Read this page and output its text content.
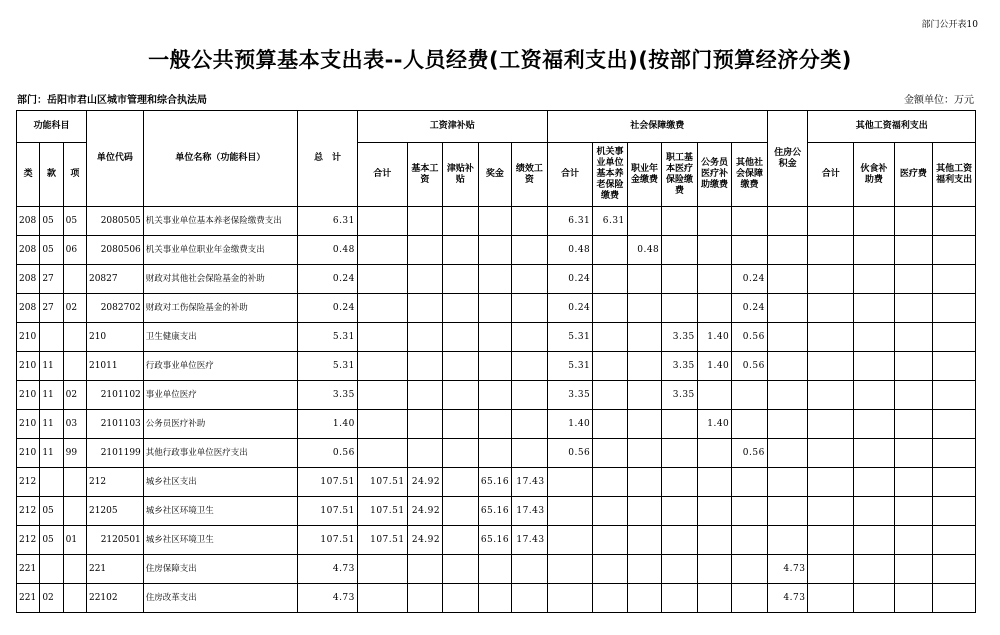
部门公开表10
一般公共预算基本支出表--人员经费(工资福利支出)(按部门预算经济分类)
部门：岳阳市君山区城市管理和综合执法局	金额单位：万元
功能科目			单位代码	单位名称（功能科目）	总　计	工资津补贴					社会保障缴费						住房公积金	其他工资福利支出			
类	款	项				合计	基本工资	津贴补贴	奖金	绩效工资	合计	机关事业单位基本养老保险缴费	职业年金缴费	职工基本医疗保险缴费	公务员医疗补助缴费	其他社会保障缴费		合计	伙食补助费	医疗费	其他工资福利支出
208	05	05	2080505	机关事业单位基本养老保险缴费支出	6.31						6.31	6.31									
208	05	06	2080506	机关事业单位职业年金缴费支出	0.48						0.48		0.48								
208	27		20827	财政对其他社会保险基金的补助	0.24						0.24					0.24					
208	27	02	2082702	财政对工伤保险基金的补助	0.24						0.24					0.24					
210			210	卫生健康支出	5.31						5.31			3.35	1.40	0.56					
210	11		21011	行政事业单位医疗	5.31						5.31			3.35	1.40	0.56					
210	11	02	2101102	事业单位医疗	3.35						3.35			3.35							
210	11	03	2101103	公务员医疗补助	1.40						1.40				1.40						
210	11	99	2101199	其他行政事业单位医疗支出	0.56						0.56					0.56					
212			212	城乡社区支出	107.51	107.51	24.92		65.16	17.43											
212	05		21205	城乡社区环境卫生	107.51	107.51	24.92		65.16	17.43											
212	05	01	2120501	城乡社区环境卫生	107.51	107.51	24.92		65.16	17.43											
221			221	住房保障支出	4.73												4.73				
221	02		22102	住房改革支出	4.73												4.73				
